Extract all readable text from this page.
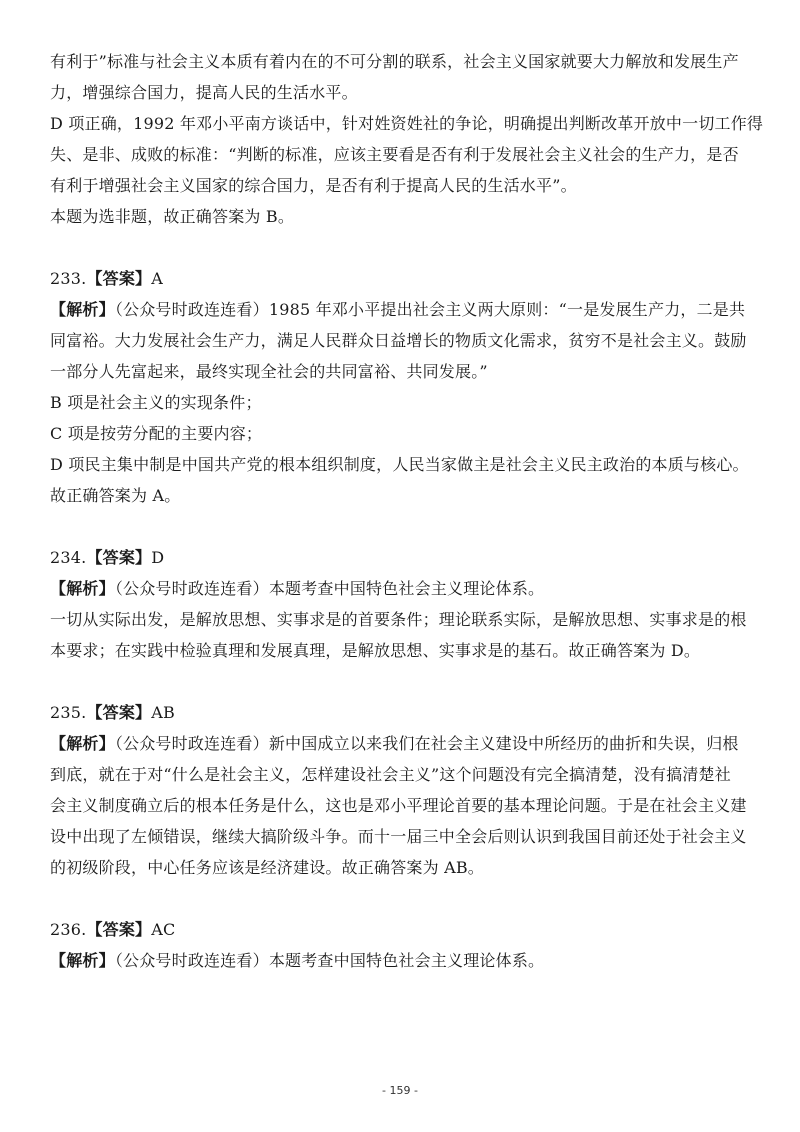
有利于”标准与社会主义本质有着内在的不可分割的联系，社会主义国家就要大力解放和发展生产
力，增强综合国力，提高人民的生活水平。
D 项正确，1992 年邓小平南方谈话中，针对姓资姓社的争论，明确提出判断改革开放中一切工作得
失、是非、成败的标准：“判断的标准，应该主要看是否有利于发展社会主义社会的生产力，是否
有利于增强社会主义国家的综合国力，是否有利于提高人民的生活水平”。
本题为选非题，故正确答案为 B。
233.【答案】A
【解析】（公众号时政连连看）1985 年邓小平提出社会主义两大原则：“一是发展生产力，二是共
同富裕。大力发展社会生产力，满足人民群众日益增长的物质文化需求，贫穷不是社会主义。鼓励
一部分人先富起来，最终实现全社会的共同富裕、共同发展。”
B 项是社会主义的实现条件；
C 项是按劳分配的主要内容；
D 项民主集中制是中国共产党的根本组织制度，人民当家做主是社会主义民主政治的本质与核心。
故正确答案为 A。
234.【答案】D
【解析】（公众号时政连连看）本题考查中国特色社会主义理论体系。
一切从实际出发，是解放思想、实事求是的首要条件；理论联系实际，是解放思想、实事求是的根
本要求；在实践中检验真理和发展真理，是解放思想、实事求是的基石。故正确答案为 D。
235.【答案】AB
【解析】（公众号时政连连看）新中国成立以来我们在社会主义建设中所经历的曲折和失误，归根
到底，就在于对“什么是社会主义，怎样建设社会主义”这个问题没有完全搞清楚，没有搞清楚社
会主义制度确立后的根本任务是什么，这也是邓小平理论首要的基本理论问题。于是在社会主义建
设中出现了左倾错误，继续大搞阶级斗争。而十一届三中全会后则认识到我国目前还处于社会主义
的初级阶段，中心任务应该是经济建设。故正确答案为 AB。
236.【答案】AC
【解析】（公众号时政连连看）本题考查中国特色社会主义理论体系。
- 159 -
